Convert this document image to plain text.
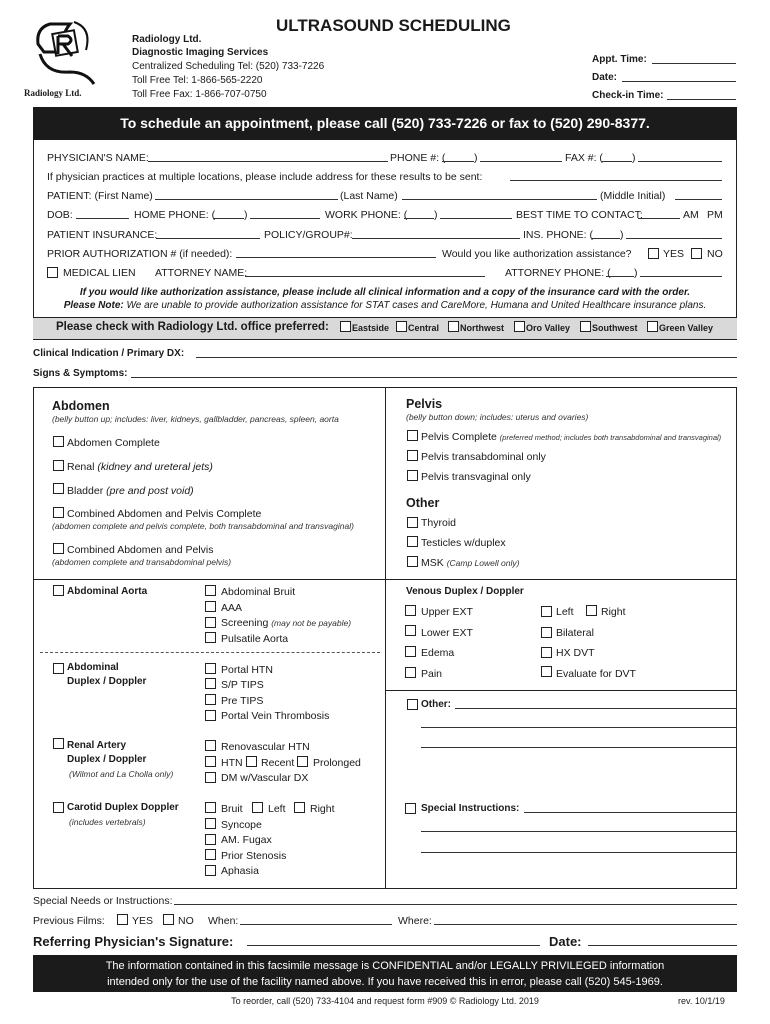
Radiology Ltd.
ULTRASOUND SCHEDULING
Radiology Ltd.
Diagnostic Imaging Services
Centralized Scheduling Tel: (520) 733-7226
Toll Free Tel: 1-866-565-2220
Toll Free Fax: 1-866-707-0750
Appt. Time:
Date:
Check-in Time:
To schedule an appointment, please call (520) 733-7226 or fax to (520) 290-8377.
PHYSICIAN'S NAME:	PHONE #: (	)	FAX #: (	)
If physician practices at multiple locations, please include address for these results to be sent:
PATIENT: (First Name)	(Last Name)	(Middle Initial)
DOB:	HOME PHONE: (	)	WORK PHONE: (	)	BEST TIME TO CONTACT:	AM PM
PATIENT INSURANCE:	POLICY/GROUP#:	INS. PHONE: (	)
PRIOR AUTHORIZATION # (if needed):	Would you like authorization assistance?	YES NO
MEDICAL LIEN ATTORNEY NAME:	ATTORNEY PHONE: ( )
If you would like authorization assistance, please include all clinical information and a copy of the insurance card with the order.
Please Note: We are unable to provide authorization assistance for STAT cases and CareMore, Humana and United Healthcare insurance plans.
Please check with Radiology Ltd. office preferred:	Eastside Central Northwest Oro Valley Southwest Green Valley
Clinical Indication / Primary DX:
Signs & Symptoms:
Abdomen
(belly button up; includes: liver, kidneys, gallbladder, pancreas, spleen, aorta
Abdomen Complete
Renal (kidney and ureteral jets)
Bladder (pre and post void)
Combined Abdomen and Pelvis Complete
(abdomen complete and pelvis complete, both transabdominal and transvaginal)
Combined Abdomen and Pelvis
(abdomen complete and transabdominal pelvis)
Pelvis
(belly button down; includes: uterus and ovaries)
Pelvis Complete (preferred method; includes both transabdominal and transvaginal)
Pelvis transabdominal only
Pelvis transvaginal only
Other
Thyroid
Testicles w/duplex
MSK (Camp Lowell only)
Abdominal Aorta	Abdominal Bruit
AAA
Screening (may not be payable)
Pulsatile Aorta
Abdominal
Duplex / Doppler
Portal HTN
S/P TIPS
Pre TIPS
Portal Vein Thrombosis
Renal Artery
Duplex / Doppler
(Wilmot and La Cholla only)
Renovascular HTN
HTN Recent Prolonged
DM w/Vascular DX
Carotid Duplex Doppler
(includes vertebrals)
Bruit Left Right
Syncope
AM. Fugax
Prior Stenosis
Aphasia
Venous Duplex / Doppler
Upper EXT	Left	Right
Lower EXT	Bilateral
Edema	HX DVT
Pain	Evaluate for DVT
Other:
Special Instructions:
Special Needs or Instructions:
Previous Films:	YES NO When:	Where:
Referring Physician's Signature:	Date:
The information contained in this facsimile message is CONFIDENTIAL and/or LEGALLY PRIVILEGED information
intended only for the use of the facility named above. If you have received this in error, please call (520) 545-1969.
To reorder, call (520) 733-4104 and request form #909 © Radiology Ltd. 2019	rev. 10/1/19
